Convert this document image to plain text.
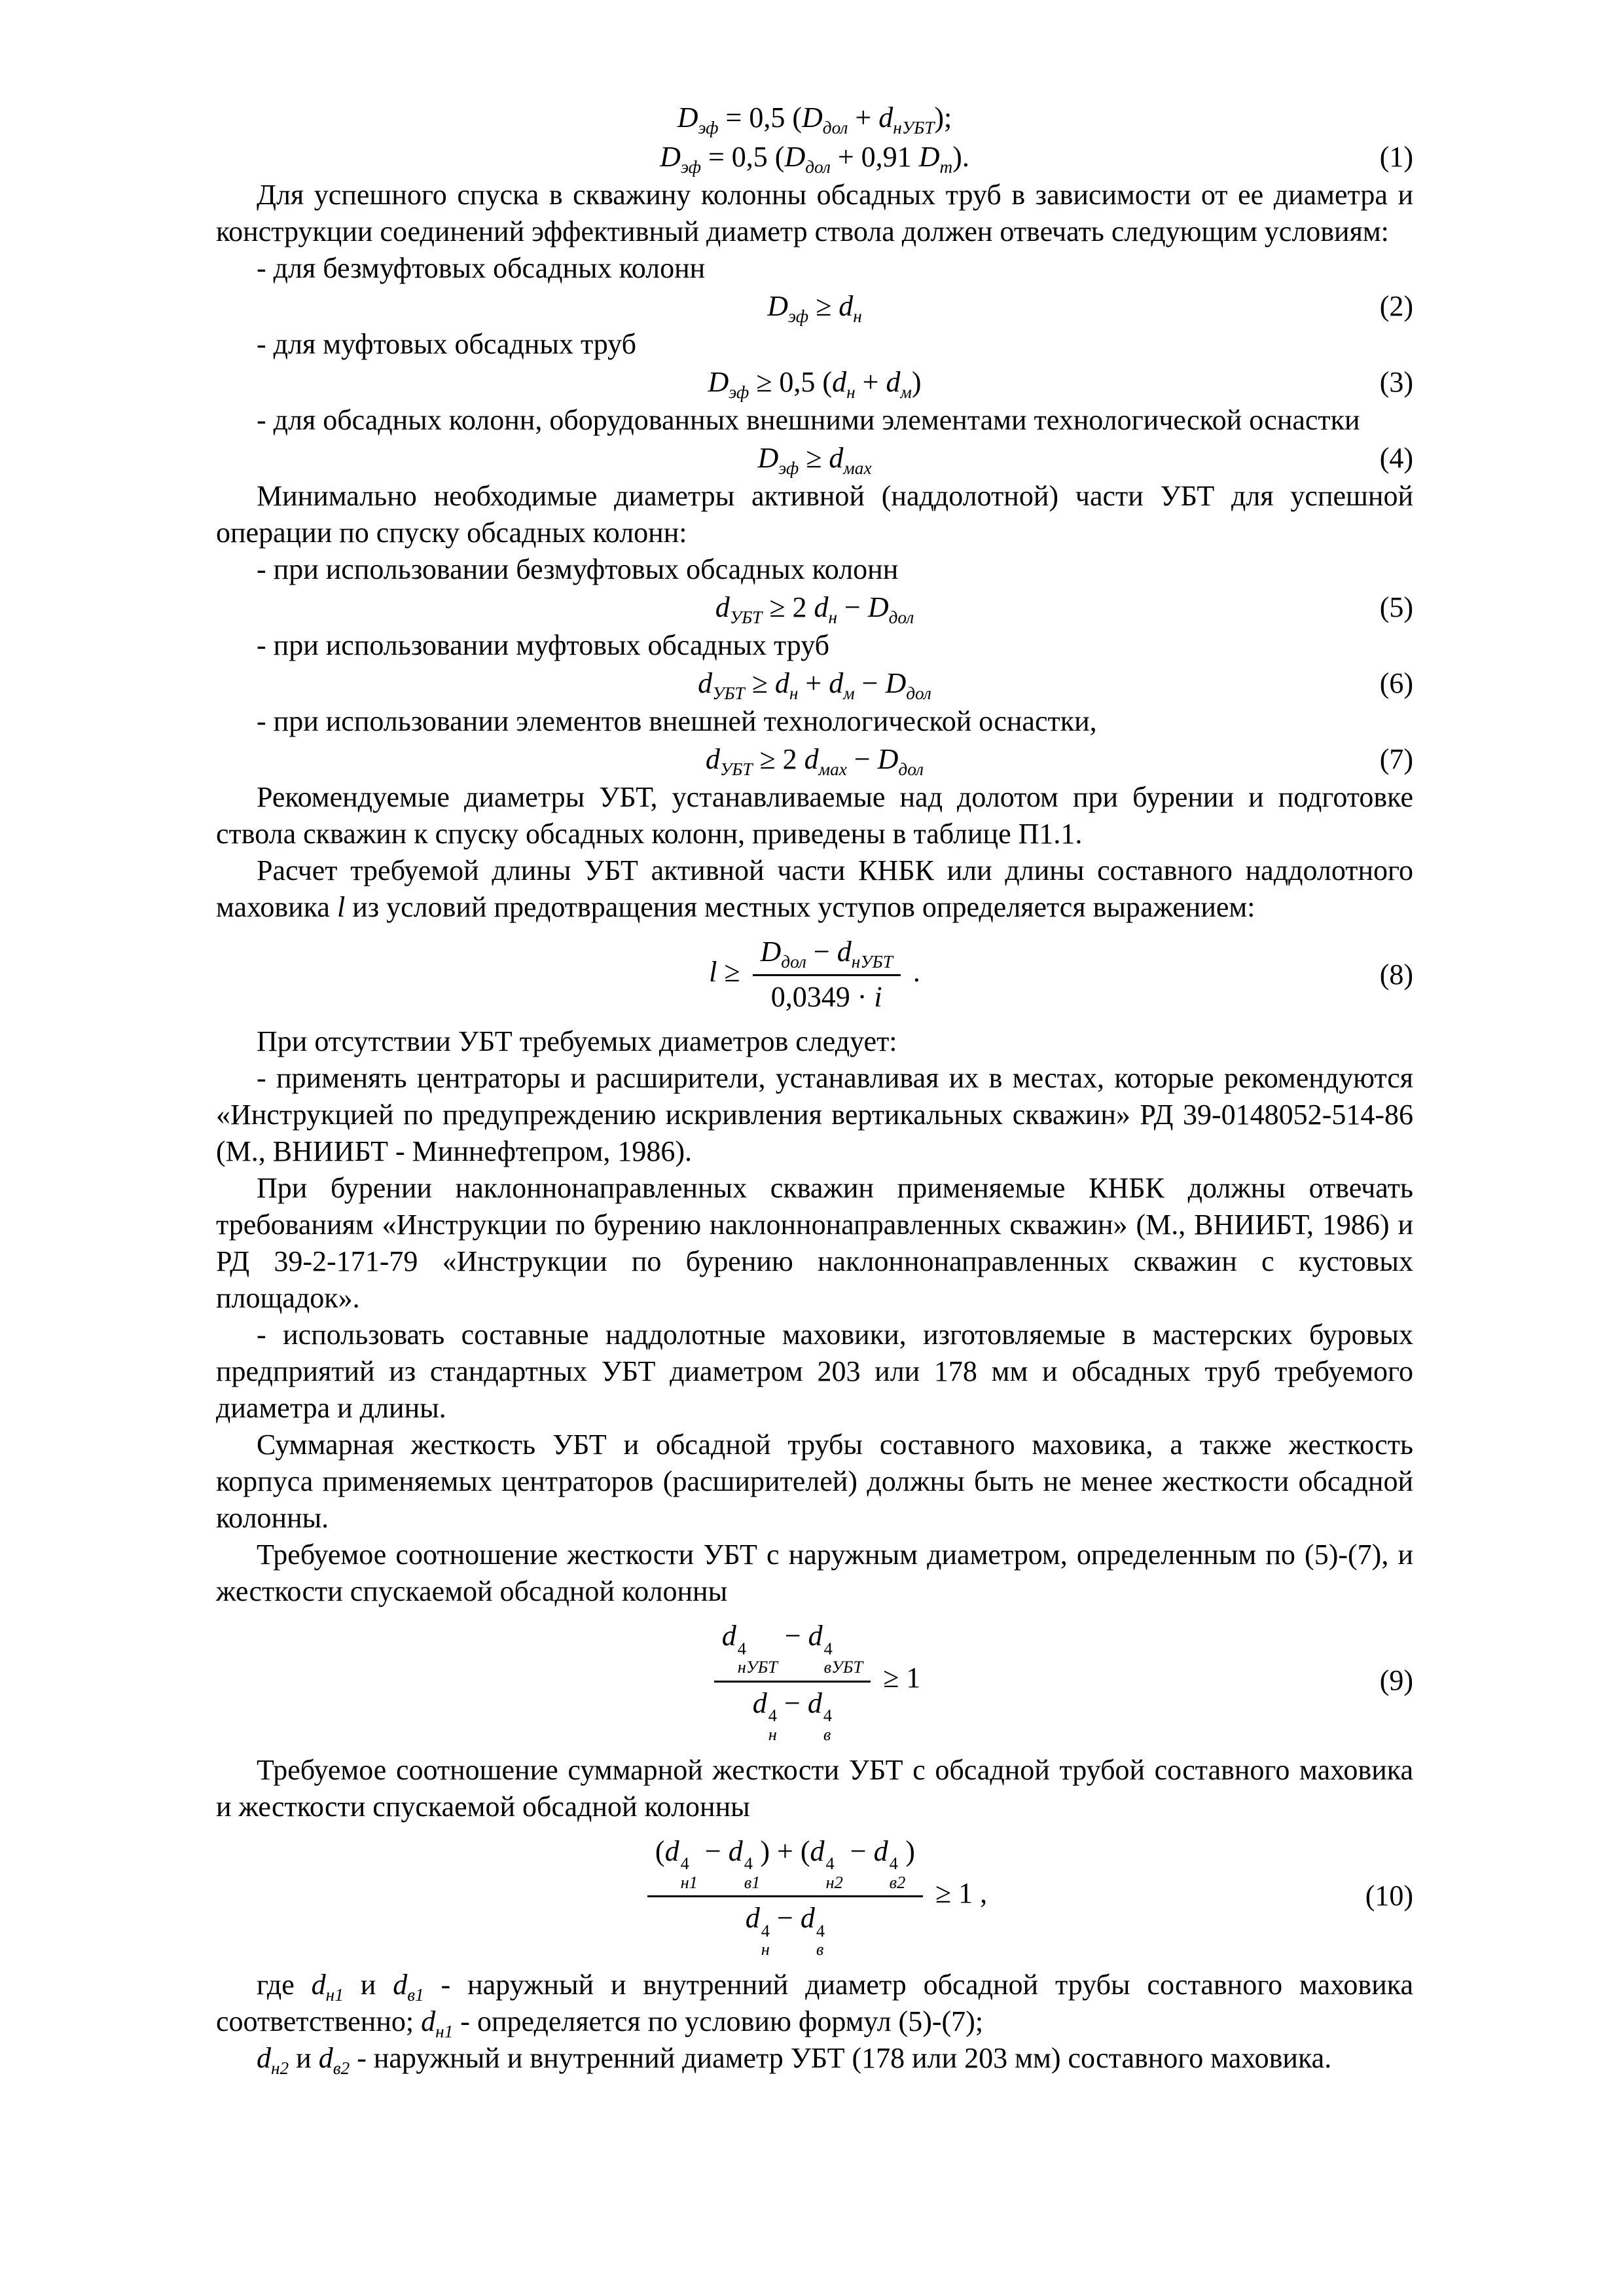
$D_{эф} = 0,5$ $(D_{дол} + d_{нУБТ})$;
$D_{эф} = 0,5$ ($D_{дол} + 0,91$ $D_т$).	(1)

Для успешного спуска в скважину колонны обсадных труб в зависимости от ее диаметра и конструкции соединений эффективный диаметр ствола должен отвечать следующим условиям:

- для безмуфтовых обсадных колонн

$D_{эф} \ge d_н$	(2)

- для муфтовых обсадных труб

$D_{эф} \ge 0,5$ $(d_н + d_м)$	(3)

- для обсадных колонн, оборудованных внешними элементами технологической оснастки

$D_{эф} \ge d_{мах}$	(4)

Минимально необходимые диаметры активной (наддолотной) части УБТ для успешной операции по спуску обсадных колонн:

- при использовании безмуфтовых обсадных колонн

$d_{УБТ} \ge 2$ $d_н - D_{дол}$	(5)

- при использовании муфтовых обсадных труб

$d_{УБТ} \ge d_н + d_м - D_{дол}$	(6)

- при использовании элементов внешней технологической оснастки,

$d_{УБТ} \ge 2$ $d_{мах} - D_{дол}$	(7)

Рекомендуемые диаметры УБТ, устанавливаемые над долотом при бурении и подготовке ствола скважин к спуску обсадных колонн, приведены в таблице П1.1.

Расчет требуемой длины УБТ активной части КНБК или длины составного наддолотного маховика l из условий предотвращения местных уступов определяется выражением:

$l \ge \frac{D_{дол} - d_{нУБТ}}{0,0349 \cdot i}$ .	(8)

При отсутствии УБТ требуемых диаметров следует:

- применять центраторы и расширители, устанавливая их в местах, которые рекомендуются «Инструкцией по предупреждению искривления вертикальных скважин» РД 39-0148052-514-86 (М., ВНИИБТ - Миннефтепром, 1986).

При бурении наклоннонаправленных скважин применяемые КНБК должны отвечать требованиям «Инструкции по бурению наклоннонаправленных скважин» (М., ВНИИБТ, 1986) и РД 39-2-171-79 «Инструкции по бурению наклоннонаправленных скважин с кустовых площадок».

- использовать составные наддолотные маховики, изготовляемые в мастерских буровых предприятий из стандартных УБТ диаметром 203 или 178 мм и обсадных труб требуемого диаметра и длины.

Суммарная жесткость УБТ и обсадной трубы составного маховика, а также жесткость корпуса применяемых центраторов (расширителей) должны быть не менее жесткости обсадной колонны.

Требуемое соотношение жесткости УБТ с наружным диаметром, определенным по (5)-(7), и жесткости спускаемой обсадной колонны

d 4
нУБТ
− d 4
вУБТ
d 4
н
− d 4
в ≥ 1	(9)

Требуемое соотношение суммарной жесткости УБТ с обсадной трубой составного маховика и жесткости спускаемой обсадной колонны

(d 4
н1
− d 4
в1
) + (d 4
н2
− d 4
в2
)
d 4
н
− d 4
в ≥ 1 ,	(10)

где $d_{н1}$ и $d_{в1}$ - наружный и внутренний диаметр обсадной трубы составного маховика соответственно; $d_{н1}$ - определяется по условию формул (5)-(7);

$d_{н2}$ и $d_{в2}$ - наружный и внутренний диаметр УБТ (178 или 203 мм) составного маховика.
